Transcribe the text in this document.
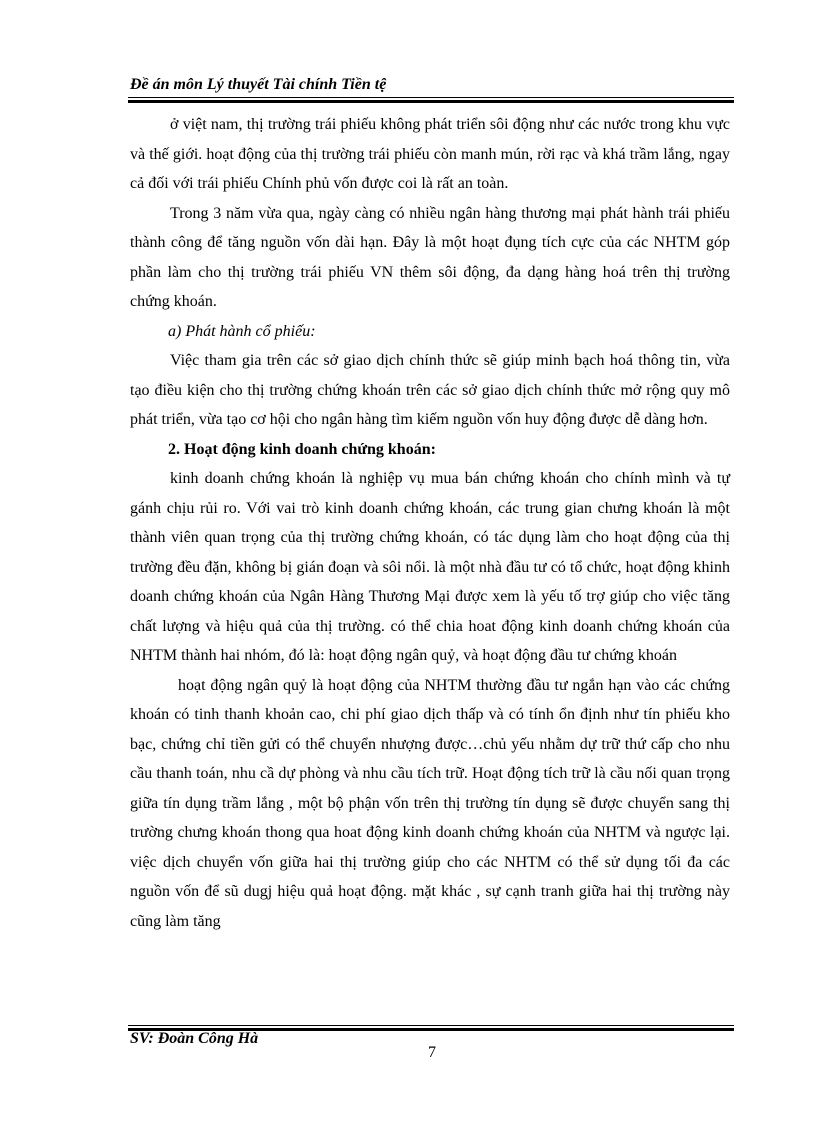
Đề án môn Lý thuyết Tài chính Tiền tệ

ở việt nam, thị trường trái phiếu không phát triển sôi động như các nước trong khu vực và thế giới. hoạt động của thị trường trái phiếu còn manh mún, rời rạc và khá trầm lắng, ngay cả đối với trái phiếu Chính phủ vốn được coi là rất an toàn.

Trong 3 năm vừa qua, ngày càng có nhiều ngân hàng thương mại phát hành trái phiếu thành công để tăng nguồn vốn dài hạn. Đây là một hoạt đụng tích cực của các NHTM góp phần làm cho thị trường trái phiếu VN thêm sôi động, đa dạng hàng hoá trên thị trường chứng khoán.

a) Phát hành cổ phiếu:

Việc tham gia trên các sở giao dịch chính thức sẽ giúp minh bạch hoá thông tin, vừa tạo điều kiện cho thị trường chứng khoán trên các sở giao dịch chính thức mở rộng quy mô phát triển, vừa tạo cơ hội cho ngân hàng tìm kiếm nguồn vốn huy động được dễ dàng hơn.

2. Hoạt động kinh doanh chứng khoán:

kinh doanh chứng khoán là nghiệp vụ mua bán chứng khoán cho chính mình và tự gánh chịu rủi ro. Với vai trò kinh doanh chứng khoán, các trung gian chưng khoán là một thành viên quan trọng của thị trường chứng khoán, có tác dụng làm cho hoạt động của thị trường đều đặn, không bị gián đoạn và sôi nổi. là một nhà đầu tư có tổ chức, hoạt động khinh doanh chứng khoán của Ngân Hàng Thương Mại được xem là yếu tố trợ giúp cho việc tăng chất lượng và hiệu quả của thị trường. có thể chia hoat động kinh doanh chứng khoán của NHTM thành hai nhóm, đó là: hoạt động ngân quỷ, và hoạt động đầu tư chứng khoán

hoạt động ngân quỷ là hoạt động của NHTM thường đầu tư ngắn hạn vào các chứng khoán có tinh thanh khoản cao, chi phí giao dịch thấp và có tính ổn định như tín phiếu kho bạc, chứng chỉ tiền gửi có thể chuyển nhượng được…chủ yếu nhằm dự trữ thứ cấp cho nhu cầu thanh toán, nhu cầ dự phòng và nhu cầu tích trữ. Hoạt động tích trữ là cầu nối quan trọng giữa tín dụng trầm lắng , một bộ phận vốn trên thị trường tín dụng sẽ được chuyển sang thị trường chưng khoán thong qua hoat động kinh doanh chứng khoán của NHTM và ngược lại. việc dịch chuyển vốn giữa hai thị trường giúp cho các NHTM có thể sử dụng tối đa các nguồn vốn để sũ dugj hiệu quả hoạt động. mặt khác , sự cạnh tranh giữa hai thị trường này cũng làm tăng

SV: Đoàn Công Hà
7
